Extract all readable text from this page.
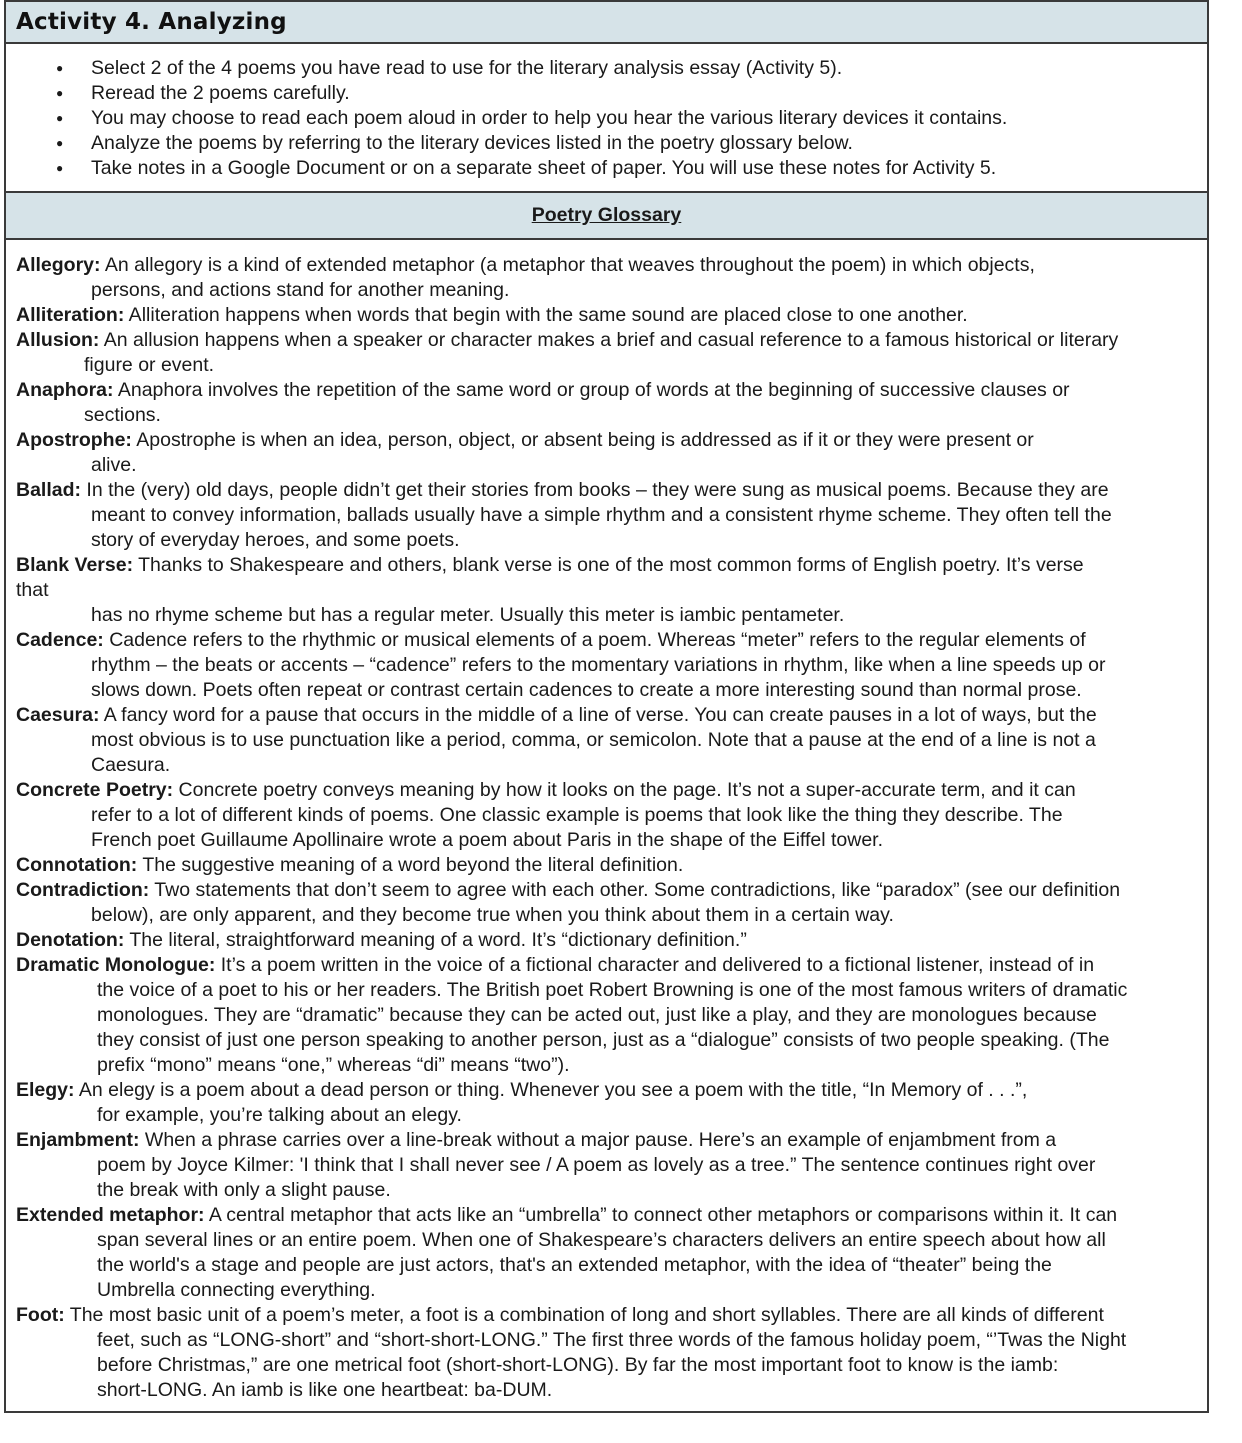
Activity 4. Analyzing
● Select 2 of the 4 poems you have read to use for the literary analysis essay (Activity 5).
● Reread the 2 poems carefully.
● You may choose to read each poem aloud in order to help you hear the various literary devices it contains.
● Analyze the poems by referring to the literary devices listed in the poetry glossary below.
● Take notes in a Google Document or on a separate sheet of paper. You will use these notes for Activity 5.
Poetry Glossary
Allegory: An allegory is a kind of extended metaphor (a metaphor that weaves throughout the poem) in which objects,
persons, and actions stand for another meaning.
Alliteration: Alliteration happens when words that begin with the same sound are placed close to one another.
Allusion: An allusion happens when a speaker or character makes a brief and casual reference to a famous historical or literary
figure or event.
Anaphora: Anaphora involves the repetition of the same word or group of words at the beginning of successive clauses or
sections.
Apostrophe: Apostrophe is when an idea, person, object, or absent being is addressed as if it or they were present or
alive.
Ballad: In the (very) old days, people didn’t get their stories from books – they were sung as musical poems. Because they are
meant to convey information, ballads usually have a simple rhythm and a consistent rhyme scheme. They often tell the
story of everyday heroes, and some poets.
Blank Verse: Thanks to Shakespeare and others, blank verse is one of the most common forms of English poetry. It’s verse
that
has no rhyme scheme but has a regular meter. Usually this meter is iambic pentameter.
Cadence: Cadence refers to the rhythmic or musical elements of a poem. Whereas “meter” refers to the regular elements of
rhythm – the beats or accents – “cadence” refers to the momentary variations in rhythm, like when a line speeds up or
slows down. Poets often repeat or contrast certain cadences to create a more interesting sound than normal prose.
Caesura: A fancy word for a pause that occurs in the middle of a line of verse. You can create pauses in a lot of ways, but the
most obvious is to use punctuation like a period, comma, or semicolon. Note that a pause at the end of a line is not a
Caesura.
Concrete Poetry: Concrete poetry conveys meaning by how it looks on the page. It’s not a super-accurate term, and it can
refer to a lot of different kinds of poems. One classic example is poems that look like the thing they describe. The
French poet Guillaume Apollinaire wrote a poem about Paris in the shape of the Eiffel tower.
Connotation: The suggestive meaning of a word beyond the literal definition.
Contradiction: Two statements that don’t seem to agree with each other. Some contradictions, like “paradox” (see our definition
below), are only apparent, and they become true when you think about them in a certain way.
Denotation: The literal, straightforward meaning of a word. It’s “dictionary definition.”
Dramatic Monologue: It’s a poem written in the voice of a fictional character and delivered to a fictional listener, instead of in
the voice of a poet to his or her readers. The British poet Robert Browning is one of the most famous writers of dramatic
monologues. They are “dramatic” because they can be acted out, just like a play, and they are monologues because
they consist of just one person speaking to another person, just as a “dialogue” consists of two people speaking. (The
prefix “mono” means “one,” whereas “di” means “two”).
Elegy: An elegy is a poem about a dead person or thing. Whenever you see a poem with the title, “In Memory of . . .”,
for example, you’re talking about an elegy.
Enjambment: When a phrase carries over a line-break without a major pause. Here’s an example of enjambment from a
poem by Joyce Kilmer: 'I think that I shall never see / A poem as lovely as a tree.” The sentence continues right over
the break with only a slight pause.
Extended metaphor: A central metaphor that acts like an “umbrella” to connect other metaphors or comparisons within it. It can
span several lines or an entire poem. When one of Shakespeare’s characters delivers an entire speech about how all
the world's a stage and people are just actors, that's an extended metaphor, with the idea of “theater” being the
Umbrella connecting everything.
Foot: The most basic unit of a poem’s meter, a foot is a combination of long and short syllables. There are all kinds of different
feet, such as “LONG-short” and “short-short-LONG.” The first three words of the famous holiday poem, “’Twas the Night
before Christmas,” are one metrical foot (short-short-LONG). By far the most important foot to know is the iamb:
short-LONG. An iamb is like one heartbeat: ba-DUM.
